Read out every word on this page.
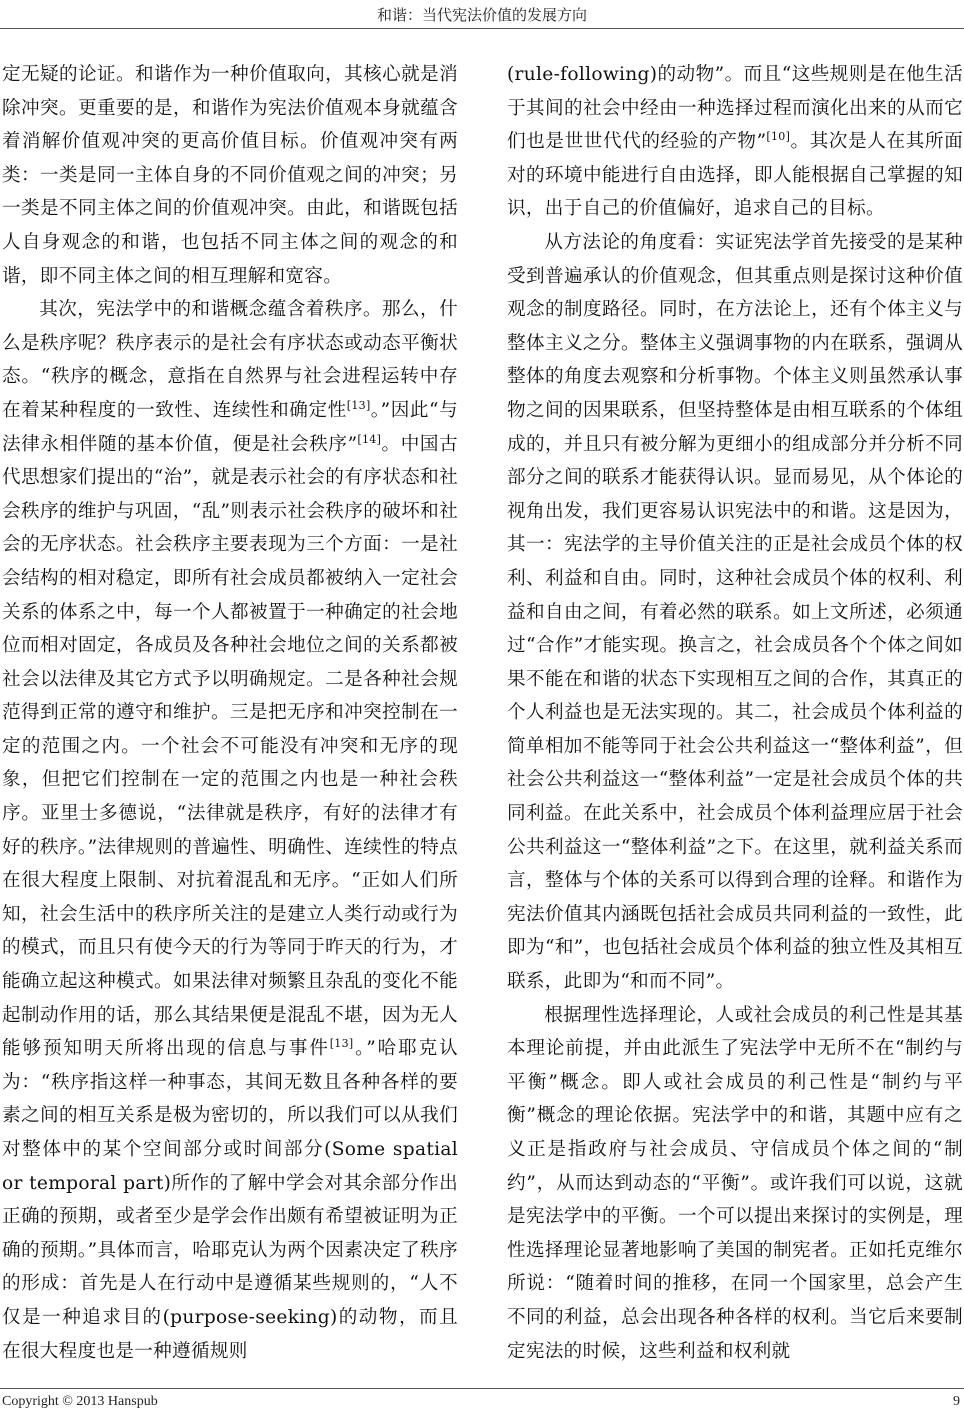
和谐：当代宪法价值的发展方向

定无疑的论证。和谐作为一种价值取向，其核心就是消除冲突。更重要的是，和谐作为宪法价值观本身就蕴含着消解价值观冲突的更高价值目标。价值观冲突有两类：一类是同一主体自身的不同价值观之间的冲突；另一类是不同主体之间的价值观冲突。由此，和谐既包括人自身观念的和谐，也包括不同主体之间的观念的和谐，即不同主体之间的相互理解和宽容。

其次，宪法学中的和谐概念蕴含着秩序。那么，什么是秩序呢？秩序表示的是社会有序状态或动态平衡状态。“秩序的概念，意指在自然界与社会进程运转中存在着某种程度的一致性、连续性和确定性[13]。”因此“与法律永相伴随的基本价值，便是社会秩序”[14]。中国古代思想家们提出的“治”，就是表示社会的有序状态和社会秩序的维护与巩固，“乱”则表示社会秩序的破坏和社会的无序状态。社会秩序主要表现为三个方面：一是社会结构的相对稳定，即所有社会成员都被纳入一定社会关系的体系之中，每一个人都被置于一种确定的社会地位而相对固定，各成员及各种社会地位之间的关系都被社会以法律及其它方式予以明确规定。二是各种社会规范得到正常的遵守和维护。三是把无序和冲突控制在一定的范围之内。一个社会不可能没有冲突和无序的现象，但把它们控制在一定的范围之内也是一种社会秩序。亚里士多德说，“法律就是秩序，有好的法律才有好的秩序。”法律规则的普遍性、明确性、连续性的特点在很大程度上限制、对抗着混乱和无序。“正如人们所知，社会生活中的秩序所关注的是建立人类行动或行为的模式，而且只有使今天的行为等同于昨天的行为，才能确立起这种模式。如果法律对频繁且杂乱的变化不能起制动作用的话，那么其结果便是混乱不堪，因为无人能够预知明天所将出现的信息与事件[13]。”哈耶克认为：“秩序指这样一种事态，其间无数且各种各样的要素之间的相互关系是极为密切的，所以我们可以从我们对整体中的某个空间部分或时间部分(Some spatial or temporal part)所作的了解中学会对其余部分作出正确的预期，或者至少是学会作出颇有希望被证明为正确的预期。”具体而言，哈耶克认为两个因素决定了秩序的形成：首先是人在行动中是遵循某些规则的，“人不仅是一种追求目的(purpose-seeking)的动物，而且在很大程度也是一种遵循规则

(rule-following)的动物”。而且“这些规则是在他生活于其间的社会中经由一种选择过程而演化出来的从而它们也是世世代代的经验的产物”[10]。其次是人在其所面对的环境中能进行自由选择，即人能根据自己掌握的知识，出于自己的价值偏好，追求自己的目标。

从方法论的角度看：实证宪法学首先接受的是某种受到普遍承认的价值观念，但其重点则是探讨这种价值观念的制度路径。同时，在方法论上，还有个体主义与整体主义之分。整体主义强调事物的内在联系，强调从整体的角度去观察和分析事物。个体主义则虽然承认事物之间的因果联系，但坚持整体是由相互联系的个体组成的，并且只有被分解为更细小的组成部分并分析不同部分之间的联系才能获得认识。显而易见，从个体论的视角出发，我们更容易认识宪法中的和谐。这是因为，其一：宪法学的主导价值关注的正是社会成员个体的权利、利益和自由。同时，这种社会成员个体的权利、利益和自由之间，有着必然的联系。如上文所述，必须通过“合作”才能实现。换言之，社会成员各个个体之间如果不能在和谐的状态下实现相互之间的合作，其真正的个人利益也是无法实现的。其二，社会成员个体利益的简单相加不能等同于社会公共利益这一“整体利益”，但社会公共利益这一“整体利益”一定是社会成员个体的共同利益。在此关系中，社会成员个体利益理应居于社会公共利益这一“整体利益”之下。在这里，就利益关系而言，整体与个体的关系可以得到合理的诠释。和谐作为宪法价值其内涵既包括社会成员共同利益的一致性，此即为“和”，也包括社会成员个体利益的独立性及其相互联系，此即为“和而不同”。

根据理性选择理论，人或社会成员的利己性是其基本理论前提，并由此派生了宪法学中无所不在“制约与平衡”概念。即人或社会成员的利己性是“制约与平衡”概念的理论依据。宪法学中的和谐，其题中应有之义正是指政府与社会成员、守信成员个体之间的“制约”，从而达到动态的“平衡”。或许我们可以说，这就是宪法学中的平衡。一个可以提出来探讨的实例是，理性选择理论显著地影响了美国的制宪者。正如托克维尔所说：“随着时间的推移，在同一个国家里，总会产生不同的利益，总会出现各种各样的权利。当它后来要制定宪法的时候，这些利益和权利就

Copyright © 2013 Hanspub	9
